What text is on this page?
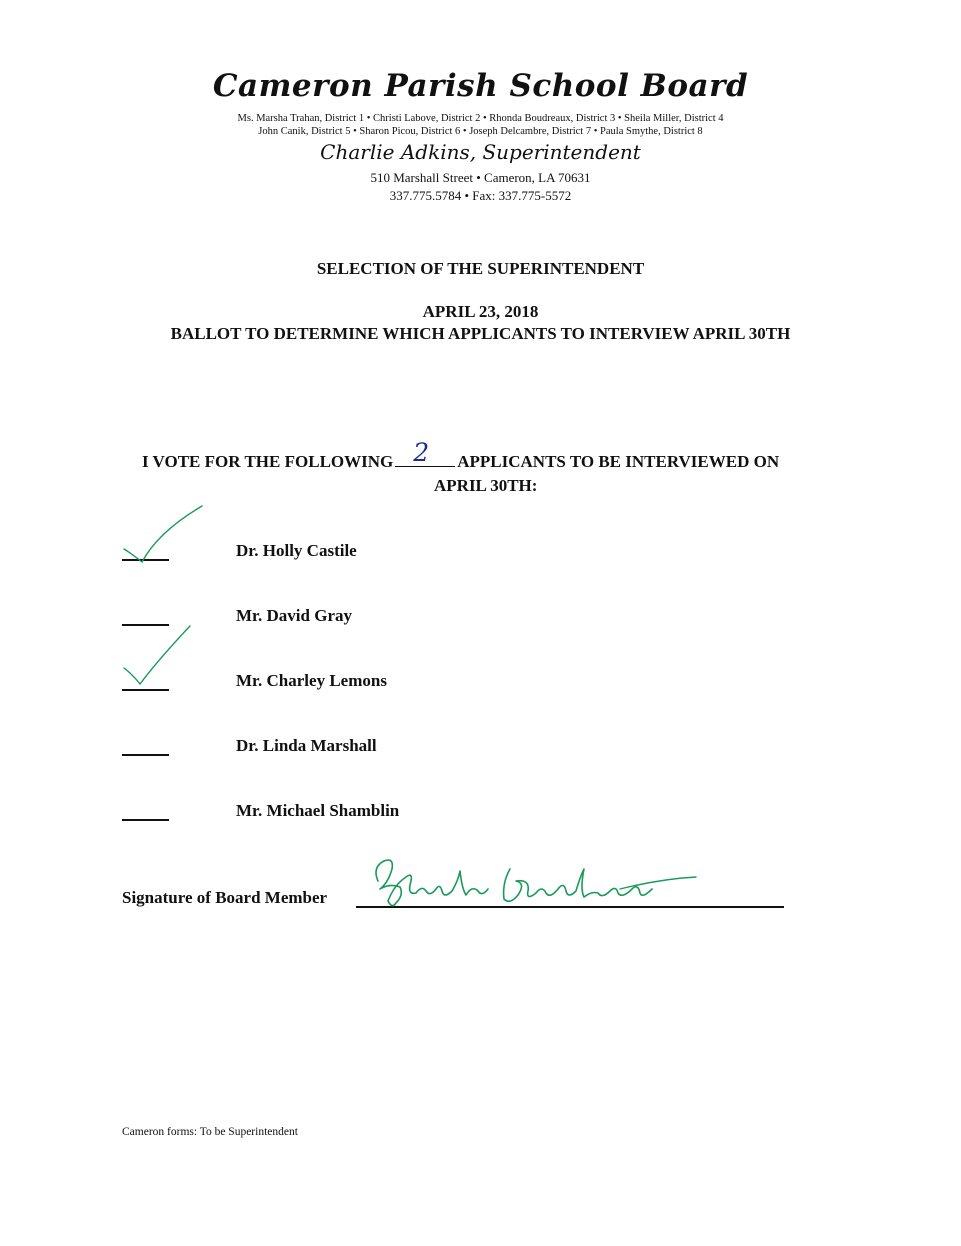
Cameron Parish School Board
Ms. Marsha Trahan, District 1 • Christi Labove, District 2 • Rhonda Boudreaux, District 3 • Sheila Miller, District 4
John Canik, District 5 • Sharon Picou, District 6 • Joseph Delcambre, District 7 • Paula Smythe, District 8
Charlie Adkins, Superintendent
510 Marshall Street • Cameron, LA 70631
337.775.5784 • Fax: 337.775-5572
SELECTION OF THE SUPERINTENDENT
APRIL 23, 2018
BALLOT TO DETERMINE WHICH APPLICANTS TO INTERVIEW APRIL 30TH
I VOTE FOR THE FOLLOWING 2 APPLICANTS TO BE INTERVIEWED ON
APRIL 30TH:
Dr. Holly Castile
Mr. David Gray
Mr. Charley Lemons
Dr. Linda Marshall
Mr. Michael Shamblin
Signature of Board Member
Cameron forms: To be Superintendent
